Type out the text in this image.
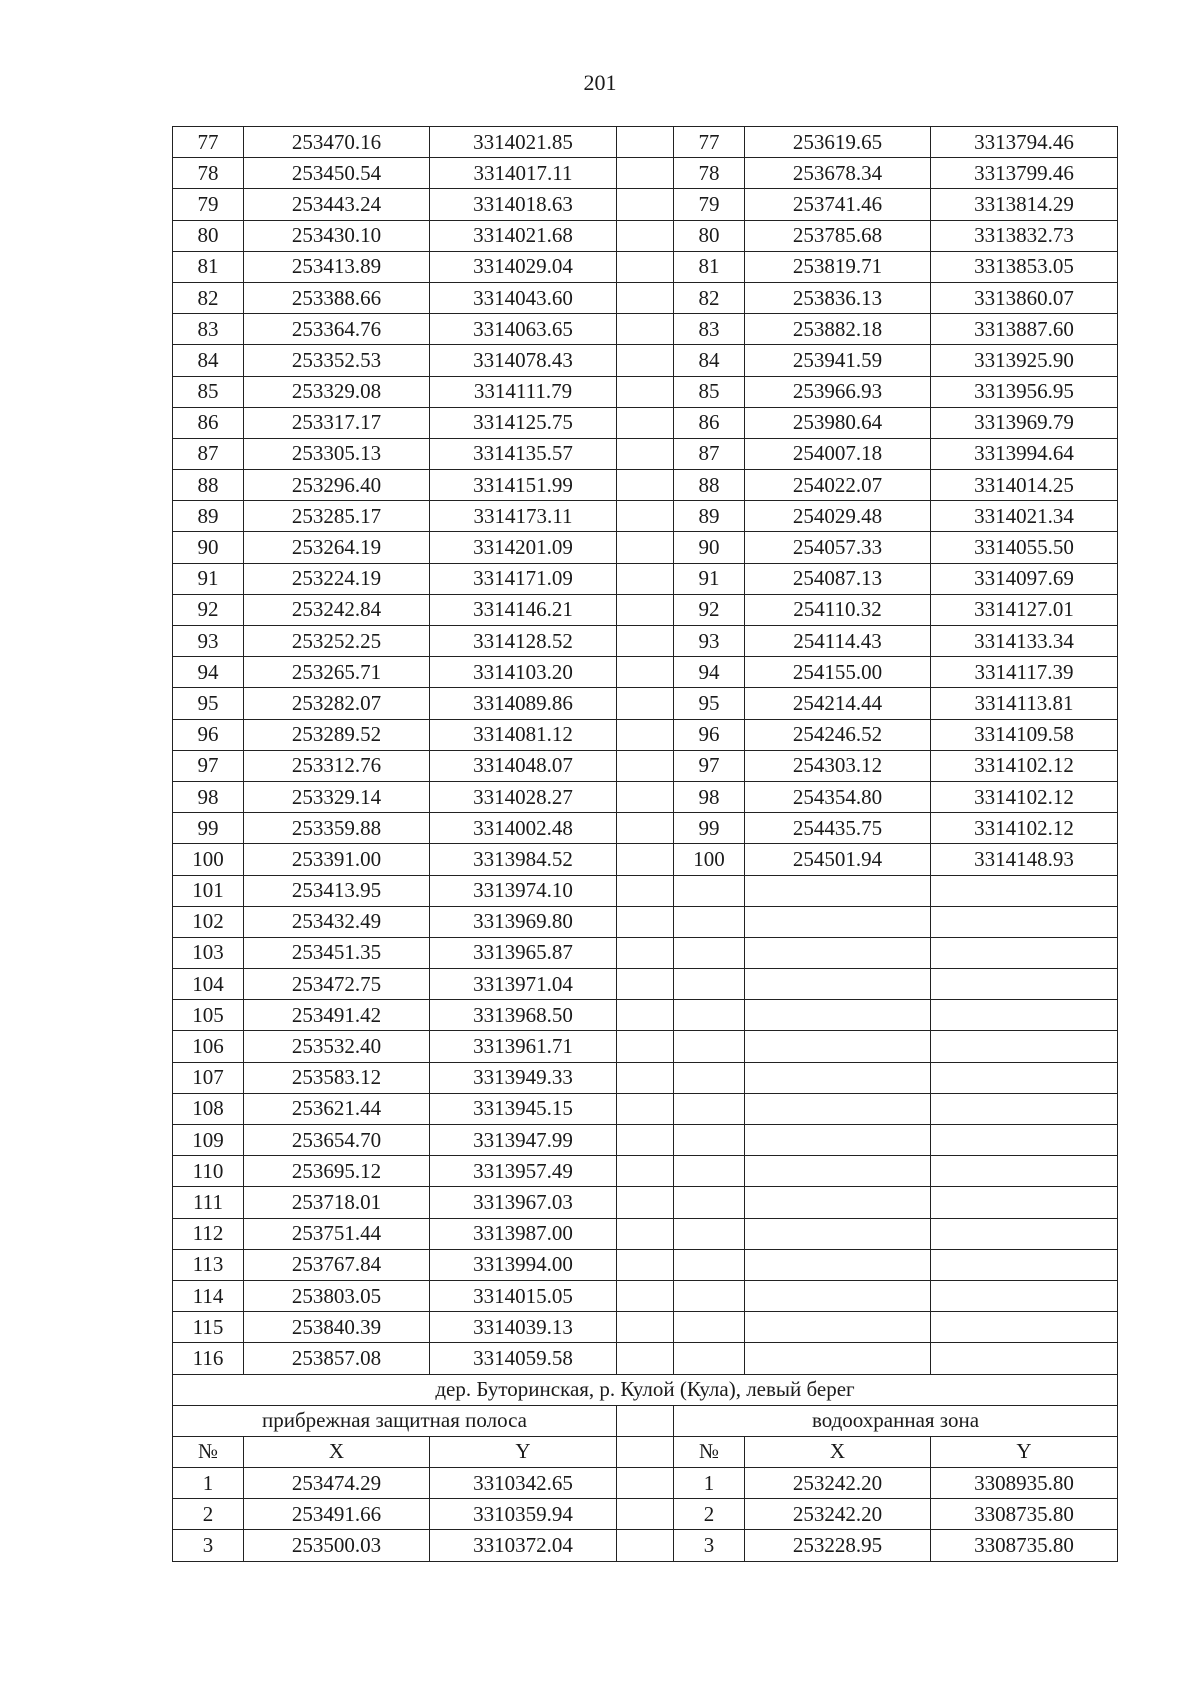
201
77	253470.16	3314021.85		77	253619.65	3313794.46
78	253450.54	3314017.11		78	253678.34	3313799.46
79	253443.24	3314018.63		79	253741.46	3313814.29
80	253430.10	3314021.68		80	253785.68	3313832.73
81	253413.89	3314029.04		81	253819.71	3313853.05
82	253388.66	3314043.60		82	253836.13	3313860.07
83	253364.76	3314063.65		83	253882.18	3313887.60
84	253352.53	3314078.43		84	253941.59	3313925.90
85	253329.08	3314111.79		85	253966.93	3313956.95
86	253317.17	3314125.75		86	253980.64	3313969.79
87	253305.13	3314135.57		87	254007.18	3313994.64
88	253296.40	3314151.99		88	254022.07	3314014.25
89	253285.17	3314173.11		89	254029.48	3314021.34
90	253264.19	3314201.09		90	254057.33	3314055.50
91	253224.19	3314171.09		91	254087.13	3314097.69
92	253242.84	3314146.21		92	254110.32	3314127.01
93	253252.25	3314128.52		93	254114.43	3314133.34
94	253265.71	3314103.20		94	254155.00	3314117.39
95	253282.07	3314089.86		95	254214.44	3314113.81
96	253289.52	3314081.12		96	254246.52	3314109.58
97	253312.76	3314048.07		97	254303.12	3314102.12
98	253329.14	3314028.27		98	254354.80	3314102.12
99	253359.88	3314002.48		99	254435.75	3314102.12
100	253391.00	3313984.52		100	254501.94	3314148.93
101	253413.95	3313974.10				
102	253432.49	3313969.80				
103	253451.35	3313965.87				
104	253472.75	3313971.04				
105	253491.42	3313968.50				
106	253532.40	3313961.71				
107	253583.12	3313949.33				
108	253621.44	3313945.15				
109	253654.70	3313947.99				
110	253695.12	3313957.49				
111	253718.01	3313967.03				
112	253751.44	3313987.00				
113	253767.84	3313994.00				
114	253803.05	3314015.05				
115	253840.39	3314039.13				
116	253857.08	3314059.58				
дер. Буторинская, р. Кулой (Кула), левый берег						
прибрежная защитная полоса				водоохранная зона		
№	X	Y		№	X	Y
1	253474.29	3310342.65		1	253242.20	3308935.80
2	253491.66	3310359.94		2	253242.20	3308735.80
3	253500.03	3310372.04		3	253228.95	3308735.80
